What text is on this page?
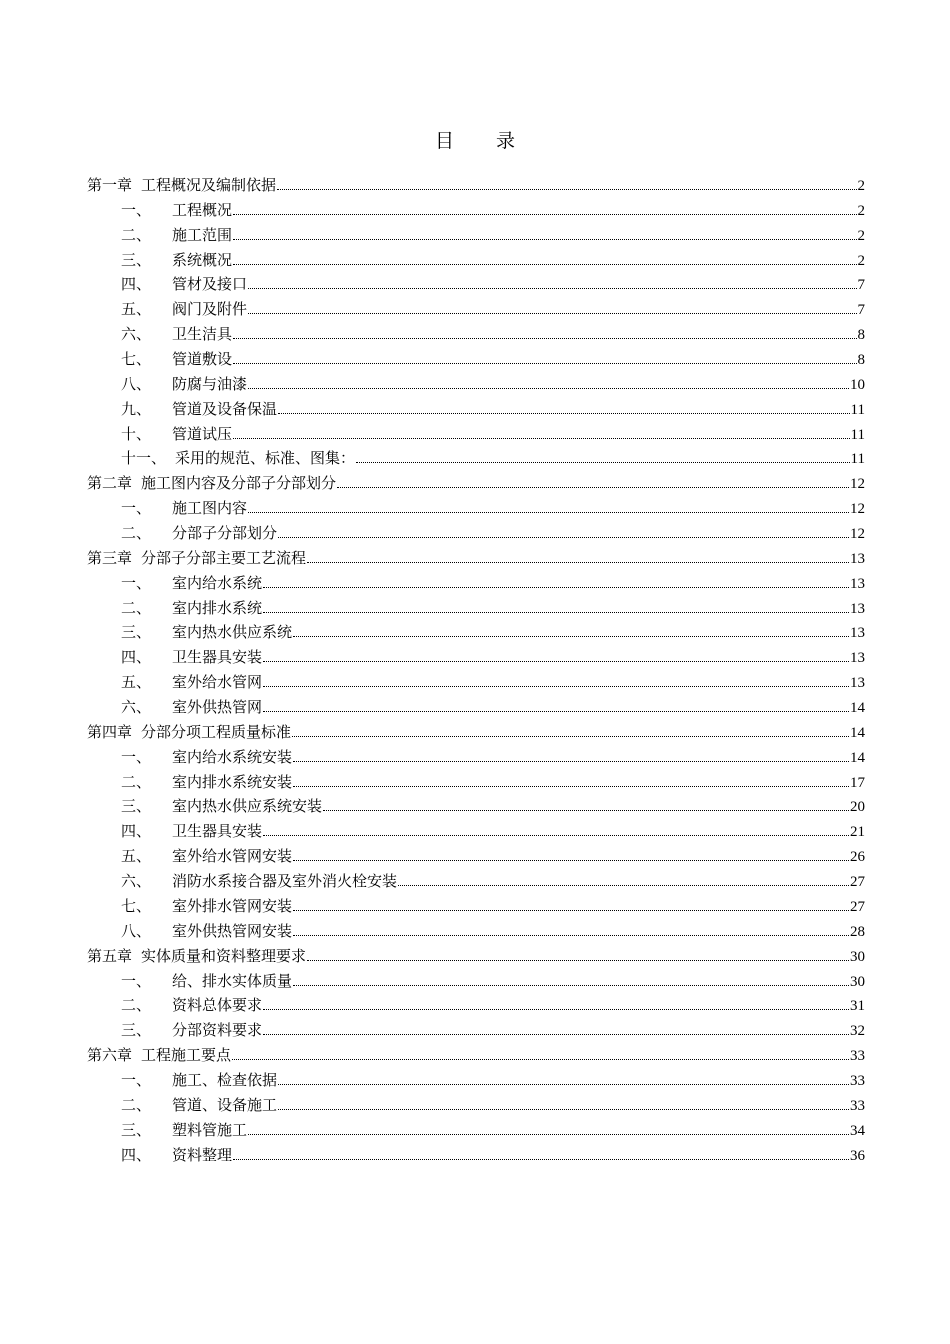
目 录
第一章 工程概况及编制依据	2
一、	工程概况	2
二、	施工范围	2
三、	系统概况	2
四、	管材及接口	7
五、	阀门及附件	7
六、	卫生洁具	8
七、	管道敷设	8
八、	防腐与油漆	10
九、	管道及设备保温	11
十、	管道试压	11
十一、 采用的规范、标准、图集：	11
第二章 施工图内容及分部子分部划分	12
一、	施工图内容	12
二、	分部子分部划分	12
第三章 分部子分部主要工艺流程	13
一、	室内给水系统	13
二、	室内排水系统	13
三、	室内热水供应系统	13
四、	卫生器具安装	13
五、	室外给水管网	13
六、	室外供热管网	14
第四章 分部分项工程质量标准	14
一、	室内给水系统安装	14
二、	室内排水系统安装	17
三、	室内热水供应系统安装	20
四、	卫生器具安装	21
五、	室外给水管网安装	26
六、	消防水系接合器及室外消火栓安装	27
七、	室外排水管网安装	27
八、	室外供热管网安装	28
第五章 实体质量和资料整理要求	30
一、	给、排水实体质量	30
二、	资料总体要求	31
三、	分部资料要求	32
第六章 工程施工要点	33
一、	施工、检查依据	33
二、	管道、设备施工	33
三、	塑料管施工	34
四、	资料整理	36
